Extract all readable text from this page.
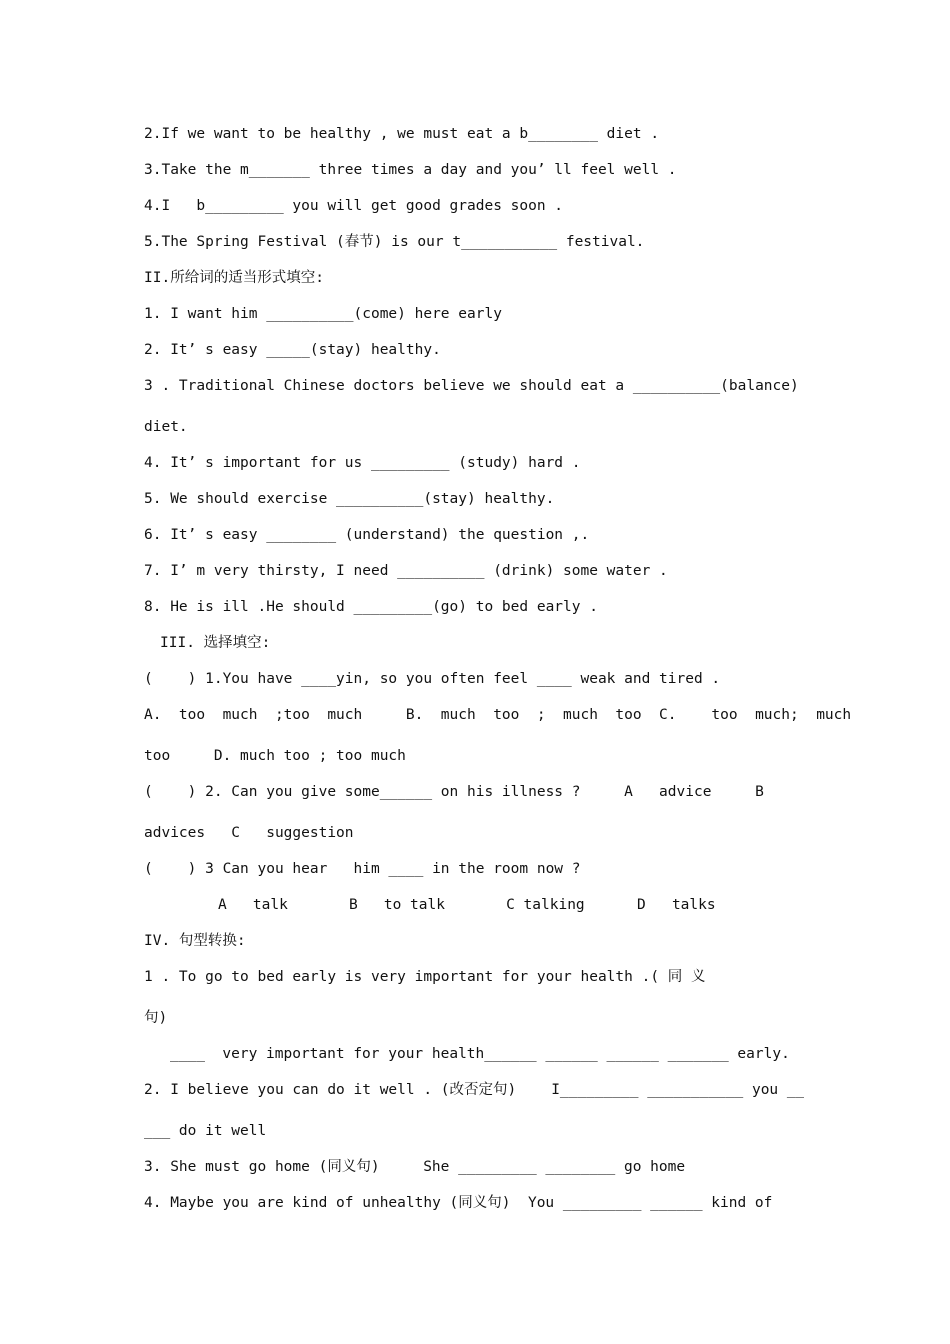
2.If we want to be healthy , we must eat a b________ diet .
3.Take the m_______ three times a day and you’ ll feel well .
4.I   b_________ you will get good grades soon .
5.The Spring Festival (春节) is our t___________ festival.
II.所给词的适当形式填空:
1. I want him __________(come) here early
2. It’ s easy _____(stay) healthy.
3 . Traditional Chinese doctors believe we should eat a __________(balance)
diet.
4. It’ s important for us _________ (study) hard .
5. We should exercise __________(stay) healthy.
6. It’ s easy ________ (understand) the question ,.
7. I’ m very thirsty, I need __________ (drink) some water .
8. He is ill .He should _________(go) to bed early .
III. 选择填空:
(    ) 1.You have ____yin, so you often feel ____ weak and tired .
A.  too  much  ;too  much     B.  much  too  ;  much  too  C.    too  much;  much
too     D. much too ; too much
(    ) 2. Can you give some______ on his illness ?     A   advice     B
advices   C   suggestion
(    ) 3 Can you hear   him ____ in the room now ?
A   talk       B   to talk       C talking      D   talks
IV. 句型转换:
1 . To go to bed early is very important for your health .( 同 义
句)
____  very important for your health______ ______ ______ _______ early.
2. I believe you can do it well . (改否定句)    I_________ ___________ you __
___ do it well
3. She must go home (同义句)     She _________ ________ go home
4. Maybe you are kind of unhealthy (同义句)  You _________ ______ kind of
